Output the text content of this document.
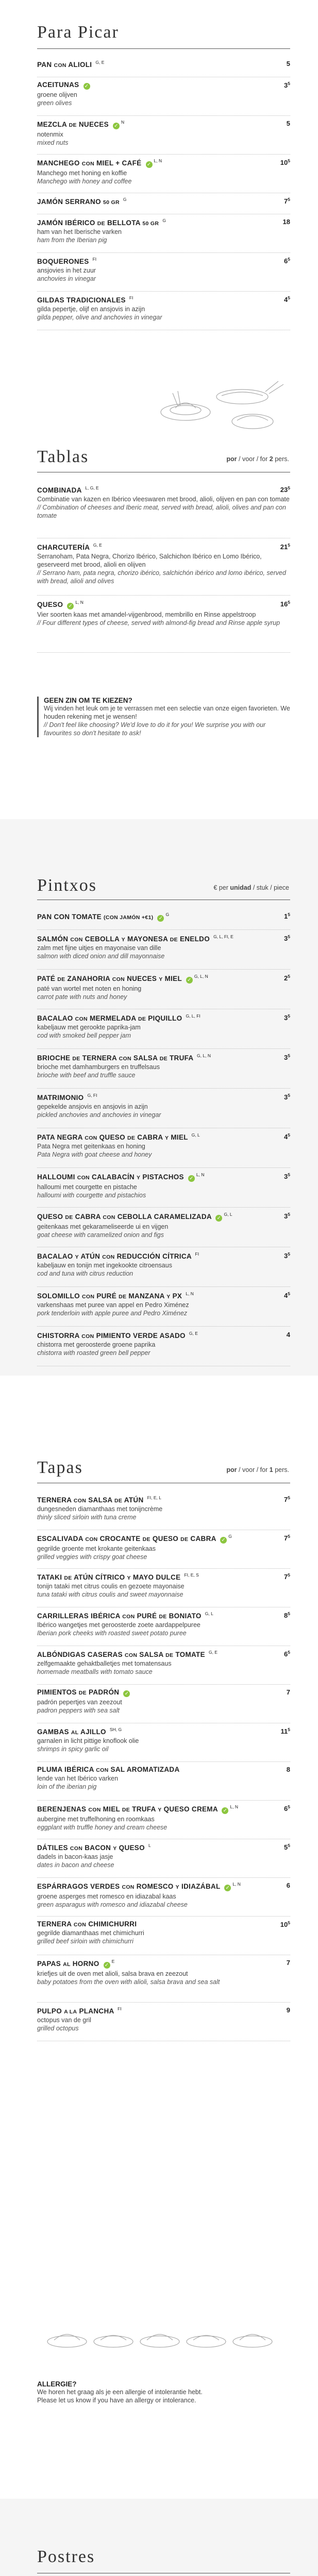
Para Picar
PAN CON ALIOLI $^{G, E}$	5
ACEITUNAS ✓	$3^5$
groene olijven
green olives
MEZCLA DE NUECES ✓$^N$	5
notenmix
mixed nuts
MANCHEGO CON MIEL + CAFÉ ✓$^{L, N}$	$10^5$
Manchego met honing en koffie
Manchego with honey and coffee
JAMÓN SERRANO 50 GR $^G$	$7^5$
JAMÓN IBÉRICO DE BELLOTA 50 GR $^G$	18
ham van het Iberische varken
ham from the Iberian pig
BOQUERONES $^{FI}$	$6^5$
ansjovies in het zuur
anchovies in vinegar
GILDAS TRADICIONALES $^{FI}$	$4^5$
gilda pepertje, olijf en ansjovis in azijn
gilda pepper, olive and anchovies in vinegar
Tablas	por / voor / for 2 pers.
COMBINADA $^{L, G, E}$	$23^5$
Combinatie van kazen en Ibérico vleeswaren met brood, alioli, olijven en pan con tomate
// Combination of cheeses and Iberic meat, served with bread, alioli, olives and pan con tomate
CHARCUTERÍA $^{G, E}$	$21^5$
Serranoham, Pata Negra, Chorizo Ibérico, Salchichon Ibérico en Lomo Ibérico, geserveerd met brood, alioli en olijven
// Serrano ham, pata negra, chorizo ibérico, salchichón ibérico and lomo ibérico, served with bread, alioli and olives
QUESO ✓$^{L, N}$	$16^5$
Vier soorten kaas met amandel-vijgenbrood, membrillo en Rinse appelstroop
// Four different types of cheese, served with almond-fig bread and Rinse apple syrup
GEEN ZIN OM TE KIEZEN?
Wij vinden het leuk om je te verrassen met een selectie van onze eigen favorieten. We houden rekening met je wensen!
// Don't feel like choosing? We'd love to do it for you! We surprise you with our favourites so don't hesitate to ask!
Pintxos	€ per unidad / stuk / piece
PAN CON TOMATE (CON JAMÓN +€1) ✓$^G$	$1^5$
SALMÓN CON CEBOLLA Y MAYONESA DE ENELDO $^{G, L, FI, E}$	$3^5$
zalm met fijne uitjes en mayonaise van dille
salmon with diced onion and dill mayonnaise
PATÉ DE ZANAHORIA CON NUECES Y MIEL ✓$^{G, L, N}$	$2^5$
paté van wortel met noten en honing
carrot pate with nuts and honey
BACALAO CON MERMELADA DE PIQUILLO $^{G, L, FI}$	$3^5$
kabeljauw met gerookte paprika-jam
cod with smoked bell pepper jam
BRIOCHE DE TERNERA CON SALSA DE TRUFA $^{G, L, N}$	$3^5$
brioche met damhamburgers en truffelsaus
brioche with beef and truffle sauce
MATRIMONIO $^{G, FI}$	$3^5$
gepekelde ansjovis en ansjovis in azijn
pickled anchovies and anchovies in vinegar
PATA NEGRA CON QUESO DE CABRA Y MIEL $^{G, L}$	$4^5$
Pata Negra met geitenkaas en honing
Pata Negra with goat cheese and honey
HALLOUMI CON CALABACÍN Y PISTACHOS ✓$^{L, N}$	$3^5$
halloumi met courgette en pistache
halloumi with courgette and pistachios
QUESO DE CABRA CON CEBOLLA CARAMELIZADA ✓$^{G, L}$	$3^5$
geitenkaas met gekarameliseerde ui en vijgen
goat cheese with caramelized onion and figs
BACALAO Y ATÚN CON REDUCCIÓN CÍTRICA $^{FI}$	$3^5$
kabeljauw en tonijn met ingekookte citroensaus
cod and tuna with citrus reduction
SOLOMILLO CON PURÉ DE MANZANA Y PX $^{L, N}$	$4^5$
varkenshaas met puree van appel en Pedro Ximénez
pork tenderloin with apple puree and Pedro Ximénez
CHISTORRA CON PIMIENTO VERDE ASADO $^{G, E}$	4
chistorra met geroosterde groene paprika
chistorra with roasted green bell pepper
Tapas	por / voor / for 1 pers.
TERNERA CON SALSA DE ATÚN $^{FI, E, L}$	$7^5$
dungesneden diamanthaas met tonijncrème
thinly sliced sirloin with tuna creme
ESCALIVADA CON CROCANTE DE QUESO DE CABRA ✓$^G$	$7^5$
gegrilde groente met krokante geitenkaas
grilled veggies with crispy goat cheese
TATAKI DE ATÚN CÍTRICO Y MAYO DULCE $^{FI, E, S}$	$7^5$
tonijn tataki met citrus coulis en gezoete mayonaise
tuna tataki with citrus coulis and sweet mayonnaise
CARRILLERAS IBÉRICA CON PURÉ DE BONIATO $^{G, L}$	$8^5$
Ibérico wangetjes met geroosterde zoete aardappelpuree
Iberian pork cheeks with roasted sweet potato puree
ALBÓNDIGAS CASERAS CON SALSA DE TOMATE $^{G, E}$	$6^5$
zelfgemaakte gehaktballetjes met tomatensaus
homemade meatballs with tomato sauce
PIMIENTOS DE PADRÓN ✓	7
padrón pepertjes van zeezout
padron peppers with sea salt
GAMBAS AL AJILLO $^{SH, G}$	$11^5$
garnalen in licht pittige knoflook olie
shrimps in spicy garlic oil
PLUMA IBÉRICA CON SAL AROMATIZADA	8
lende van het Ibérico varken
loin of the iberian pig
BERENJENAS CON MIEL DE TRUFA Y QUESO CREMA ✓$^{L, N}$	$6^5$
aubergine met truffelhoning en roomkaas
eggplant with truffle honey and cream cheese
DÁTILES CON BACON Y QUESO $^L$	$5^5$
dadels in bacon-kaas jasje
dates in bacon and cheese
ESPÁRRAGOS VERDES CON ROMESCO Y IDIAZÁBAL ✓$^{L, N}$	6
groene asperges met romesco en idiazabal kaas
green asparagus with romesco and idiazabal cheese
TERNERA CON CHIMICHURRI	$10^5$
gegrilde diamanthaas met chimichurri
grilled beef sirloin with chimichurri
PAPAS AL HORNO ✓$^E$	7
kriefjes uit de oven met alioli, salsa brava en zeezout
baby potatoes from the oven with alioli, salsa brava and sea salt
PULPO A LA PLANCHA $^{FI}$	9
octopus van de gril
grilled octopus
ALLERGIE?
We horen het graag als je een allergie of intolerantie hebt.
Please let us know if you have an allergy or intolerance.
Postres
